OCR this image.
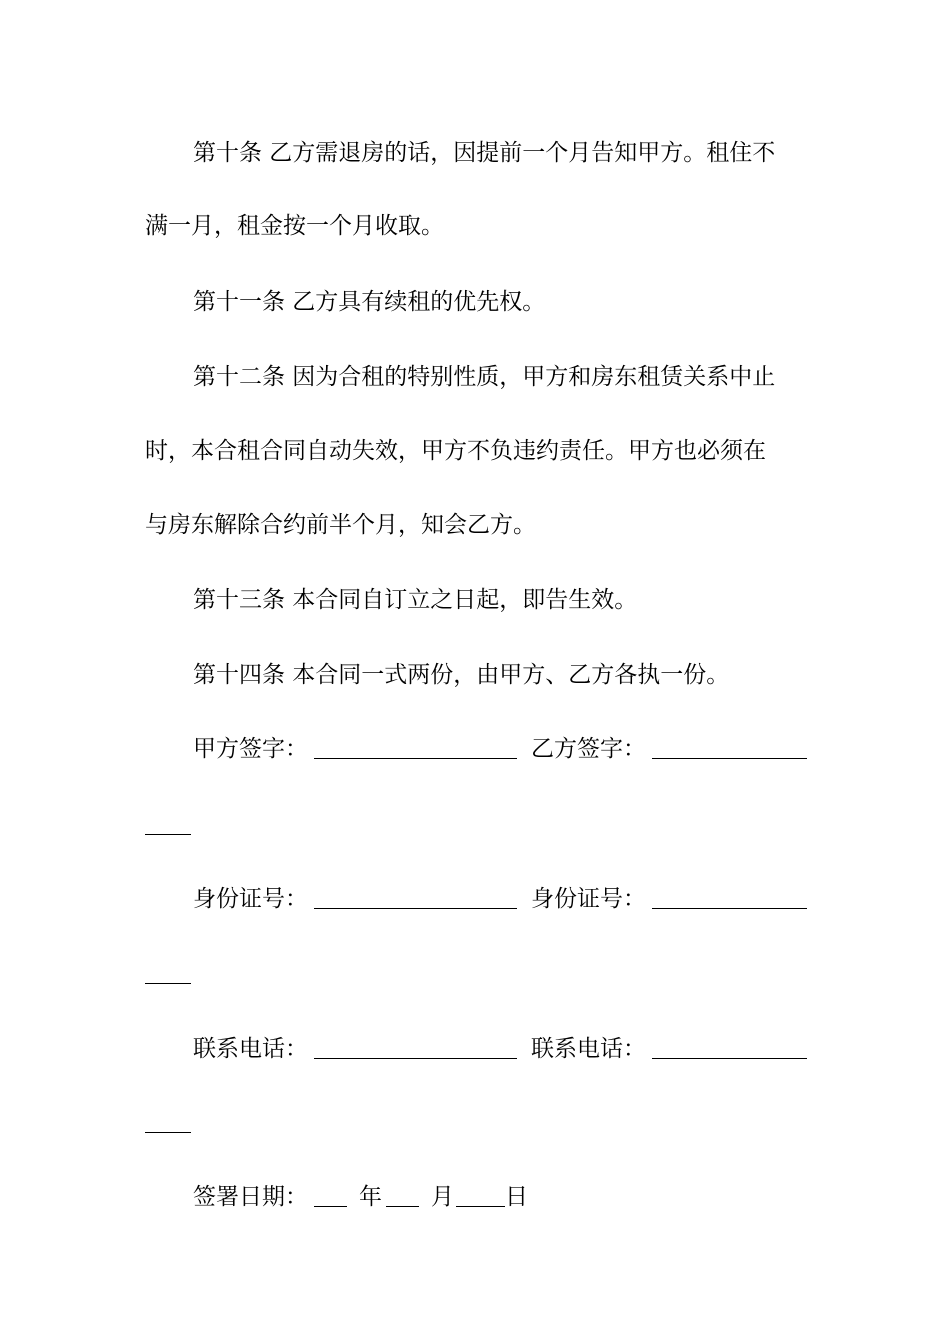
第十条 乙方需退房的话，因提前一个月告知甲方。租住不
满一月，租金按一个月收取。
第十一条 乙方具有续租的优先权。
第十二条 因为合租的特别性质，甲方和房东租赁关系中止
时，本合租合同自动失效，甲方不负违约责任。甲方也必须在
与房东解除合约前半个月，知会乙方。
第十三条 本合同自订立之日起，即告生效。
第十四条 本合同一式两份，由甲方、乙方各执一份。
甲方签字：	乙方签字：
身份证号：	身份证号：
联系电话：	联系电话：
签署日期： 年 月 日
